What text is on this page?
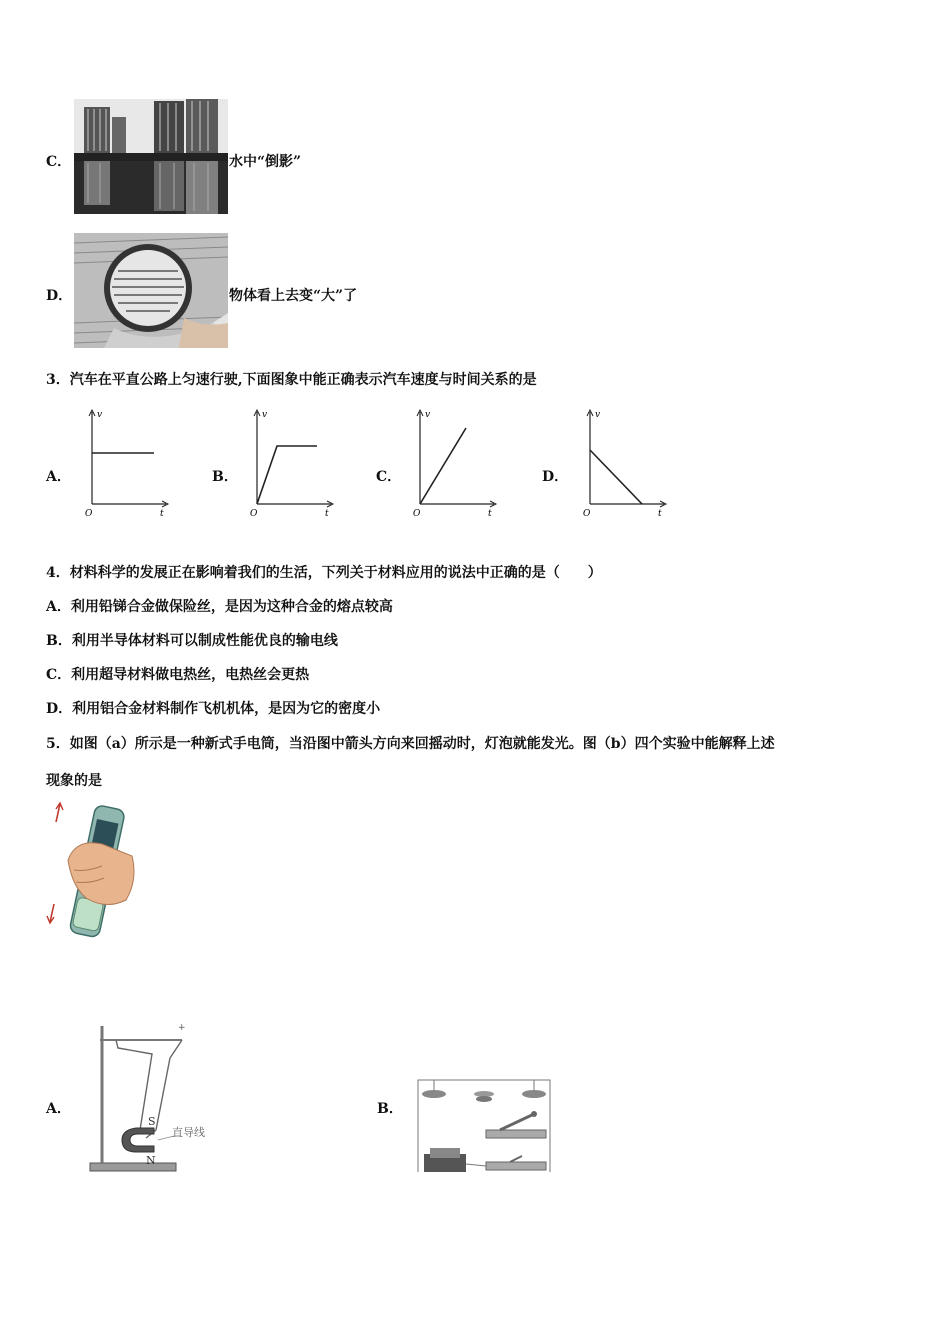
C．	水中“倒影”
D．	物体看上去变“大”了
3．汽车在平直公路上匀速行驶,下面图象中能正确表示汽车速度与时间关系的是
A．
v
O	t
B．
v
O	t
C．
v
O	t
D．
v
O	t
4．材料科学的发展正在影响着我们的生活，下列关于材料应用的说法中正确的是（　　）
A．利用铅锑合金做保险丝，是因为这种合金的熔点较高
B．利用半导体材料可以制成性能优良的输电线
C．利用超导材料做电热丝，电热丝会更热
D．利用铝合金材料制作飞机机体，是因为它的密度小
5．如图（a）所示是一种新式手电筒，当沿图中箭头方向来回摇动时，灯泡就能发光。图（b）四个实验中能解释上述
现象的是
A．
+
S
N
直导线
B．
